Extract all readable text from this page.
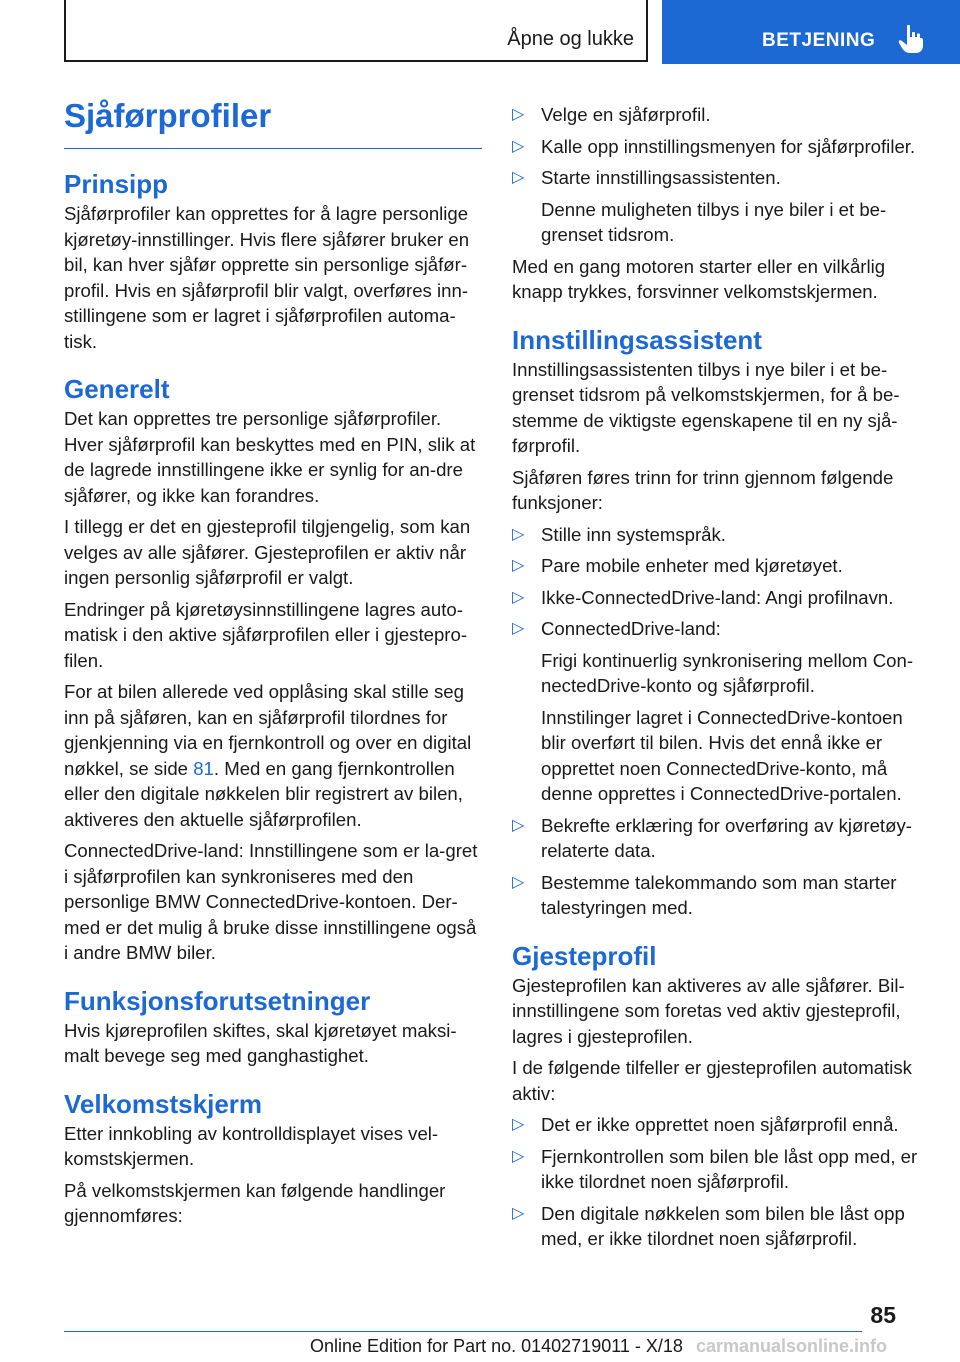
Åpne og lukke	BETJENING
Sjåførprofiler
Prinsipp

Sjåførprofiler kan opprettes for å lagre personlige kjøretøy-innstillinger. Hvis flere sjåfører bruker en bil, kan hver sjåfør opprette sin personlige sjåfør-profil. Hvis en sjåførprofil blir valgt, overføres inn-stillingene som er lagret i sjåførprofilen automa-tisk.

Generelt

Det kan opprettes tre personlige sjåførprofiler. Hver sjåførprofil kan beskyttes med en PIN, slik at de lagrede innstillingene ikke er synlig for an-dre sjåfører, og ikke kan forandres.

I tillegg er det en gjesteprofil tilgjengelig, som kan velges av alle sjåfører. Gjesteprofilen er aktiv når ingen personlig sjåførprofil er valgt.

Endringer på kjøretøysinnstillingene lagres auto-matisk i den aktive sjåførprofilen eller i gjestepro-filen.

For at bilen allerede ved opplåsing skal stille seg inn på sjåføren, kan en sjåførprofil tilordnes for gjenkjenning via en fjernkontroll og over en digital nøkkel, se side 81. Med en gang fjernkontrollen eller den digitale nøkkelen blir registrert av bilen, aktiveres den aktuelle sjåførprofilen.

ConnectedDrive-land: Innstillingene som er la-gret i sjåførprofilen kan synkroniseres med den personlige BMW ConnectedDrive-kontoen. Der-med er det mulig å bruke disse innstillingene også i andre BMW biler.

Funksjonsforutsetninger

Hvis kjøreprofilen skiftes, skal kjøretøyet maksi-malt bevege seg med ganghastighet.

Velkomstskjerm

Etter innkobling av kontrolldisplayet vises vel-komstskjermen.

På velkomstskjermen kan følgende handlinger gjennomføres:

▷ Velge en sjåførprofil.
▷ Kalle opp innstillingsmenyen for sjåførprofiler.
▷ Starte innstillingsassistenten.
Denne muligheten tilbys i nye biler i et be-grenset tidsrom.

Med en gang motoren starter eller en vilkårlig knapp trykkes, forsvinner velkomstskjermen.

Innstillingsassistent

Innstillingsassistenten tilbys i nye biler i et be-grenset tidsrom på velkomstskjermen, for å be-stemme de viktigste egenskapene til en ny sjå-førprofil.

Sjåføren føres trinn for trinn gjennom følgende funksjoner:

▷ Stille inn systemspråk.
▷ Pare mobile enheter med kjøretøyet.
▷ Ikke-ConnectedDrive-land: Angi profilnavn.
▷ ConnectedDrive-land:
Frigi kontinuerlig synkronisering mellom Con-nectedDrive-konto og sjåførprofil.
Innstilinger lagret i ConnectedDrive-kontoen blir overført til bilen. Hvis det ennå ikke er opprettet noen ConnectedDrive-konto, må denne opprettes i ConnectedDrive-portalen.
▷ Bekrefte erklæring for overføring av kjøretøy-relaterte data.
▷ Bestemme talekommando som man starter talestyringen med.
Gjesteprofil

Gjesteprofilen kan aktiveres av alle sjåfører. Bil-innstillingene som foretas ved aktiv gjesteprofil, lagres i gjesteprofilen.

I de følgende tilfeller er gjesteprofilen automatisk aktiv:

▷ Det er ikke opprettet noen sjåførprofil ennå.
▷ Fjernkontrollen som bilen ble låst opp med, er ikke tilordnet noen sjåførprofil.
▷ Den digitale nøkkelen som bilen ble låst opp med, er ikke tilordnet noen sjåførprofil.
85
Online Edition for Part no. 01402719011 - X/18 carmanualsonline.info
